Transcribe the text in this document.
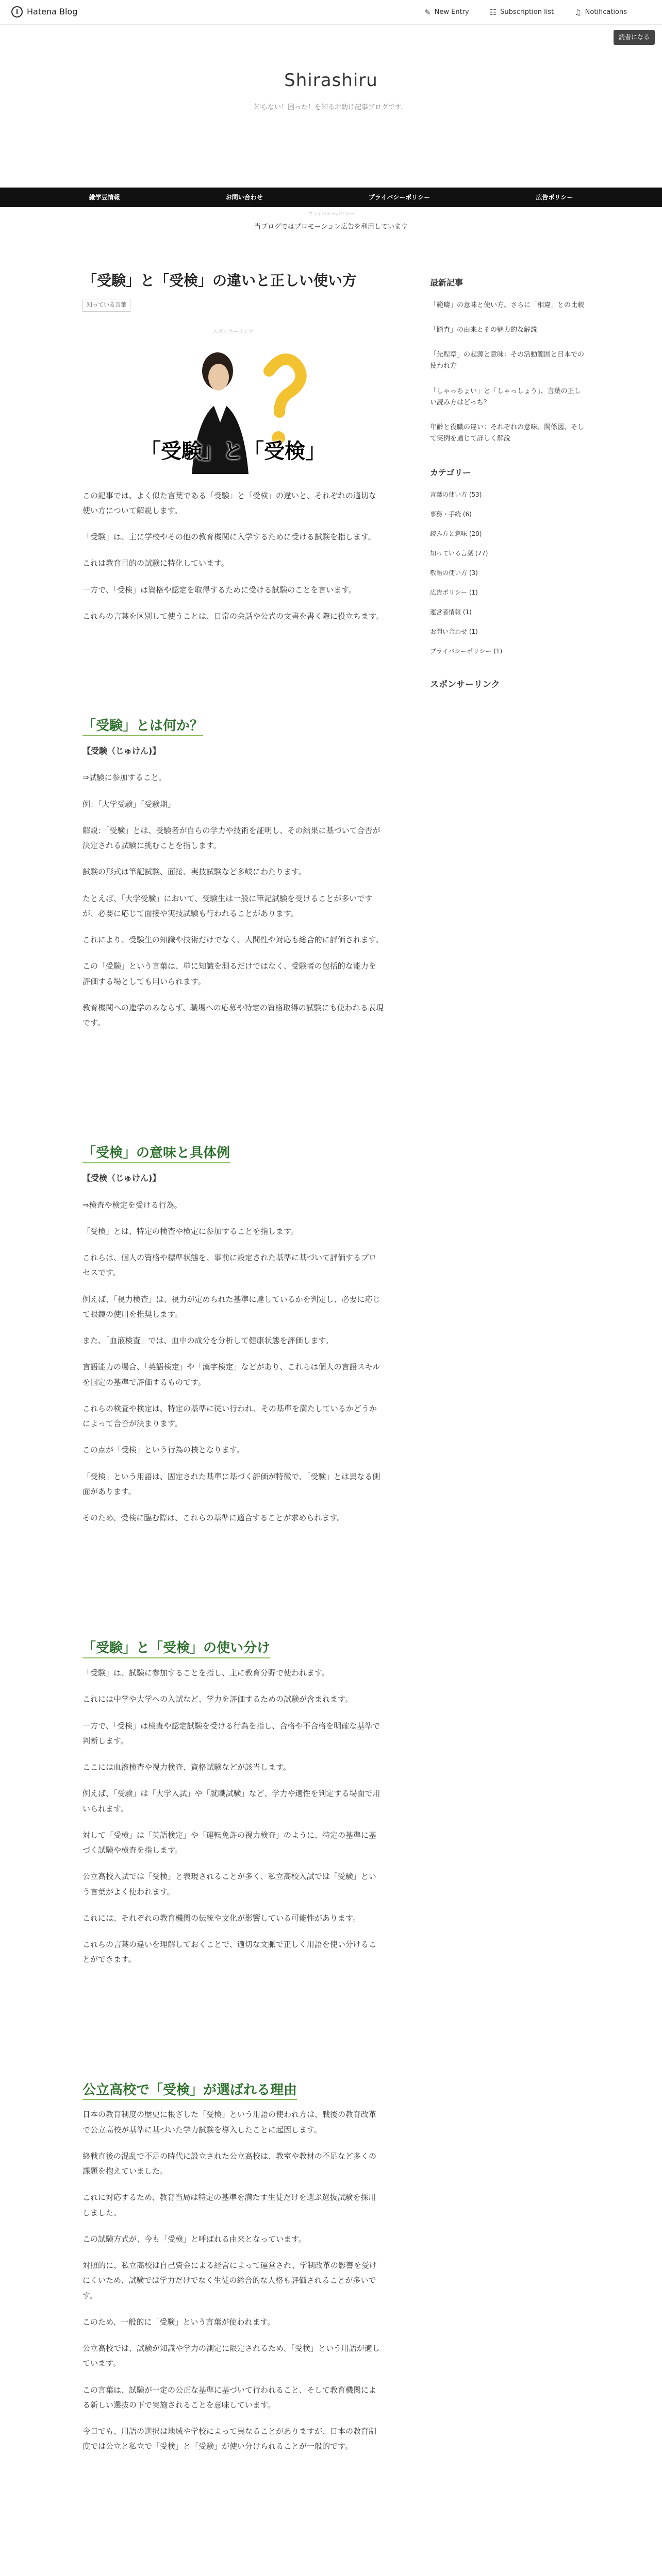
i	Hatena Blog	✎ New Entry	☷ Subscription list	♫ Notifications
読者になる
Shirashiru
知らない！困った！を知るお助け記事ブログです。
雑学豆情報	お問い合わせ	プライバシーポリシー	広告ポリシー
プライバシーポリシー
当ブログではプロモーション広告を利用しています
「受験」と「受検」の違いと正しい使い方
知っている言葉
スポンサーリンク
「受験」と「受検」

この記事では、よく似た言葉である「受験」と「受検」の違いと、それぞれの適切な使い方について解説します。

「受験」は、主に学校やその他の教育機関に入学するために受ける試験を指します。

これは教育目的の試験に特化しています。

一方で、「受検」は資格や認定を取得するために受ける試験のことを言います。

これらの言葉を区別して使うことは、日常の会話や公式の文書を書く際に役立ちます。

「受験」とは何か？

【受験（じゅけん)】

⇒試験に参加すること。

例：「大学受験」「受験期」

解説：「受験」とは、受験者が自らの学力や技術を証明し、その結果に基づいて合否が決定される試験に挑むことを指します。

試験の形式は筆記試験、面接、実技試験など多岐にわたります。

たとえば、「大学受験」において、受験生は一般に筆記試験を受けることが多いですが、必要に応じて面接や実技試験も行われることがあります。

これにより、受験生の知識や技術だけでなく、人間性や対応も総合的に評価されます。

この「受験」という言葉は、単に知識を測るだけではなく、受験者の包括的な能力を評価する場としても用いられます。

教育機関への進学のみならず、職場への応募や特定の資格取得の試験にも使われる表現です。

「受検」の意味と具体例

【受検（じゅけん)】

⇒検査や検定を受ける行為。

「受検」とは、特定の検査や検定に参加することを指します。

これらは、個人の資格や標準状態を、事前に設定された基準に基づいて評価するプロセスです。

例えば、「視力検査」は、視力が定められた基準に達しているかを判定し、必要に応じて眼鏡の使用を推奨します。

また、「血液検査」では、血中の成分を分析して健康状態を評価します。

言語能力の場合、「英語検定」や「漢字検定」などがあり、これらは個人の言語スキルを国定の基準で評価するものです。

これらの検査や検定は、特定の基準に従い行われ、その基準を満たしているかどうかによって合否が決まります。

この点が「受検」という行為の核となります。

「受検」という用語は、固定された基準に基づく評価が特徴で、「受験」とは異なる側面があります。

そのため、受検に臨む際は、これらの基準に適合することが求められます。

「受験」と「受検」の使い分け

「受験」は、試験に参加することを指し、主に教育分野で使われます。

これには中学や大学への入試など、学力を評価するための試験が含まれます。

一方で、「受検」は検査や認定試験を受ける行為を指し、合格や不合格を明確な基準で判断します。

ここには血液検査や視力検査、資格試験などが該当します。

例えば、「受験」は「大学入試」や「就職試験」など、学力や適性を判定する場面で用いられます。

対して「受検」は「英語検定」や「運転免許の視力検査」のように、特定の基準に基づく試験や検査を指します。

公立高校入試では「受検」と表現されることが多く、私立高校入試では「受験」という言葉がよく使われます。

これには、それぞれの教育機関の伝統や文化が影響している可能性があります。

これらの言葉の違いを理解しておくことで、適切な文脈で正しく用語を使い分けることができます。

公立高校で「受検」が選ばれる理由

日本の教育制度の歴史に根ざした「受検」という用語の使われ方は、戦後の教育改革で公立高校が基準に基づいた学力試験を導入したことに起因します。

終戦直後の混乱で不足の時代に設立された公立高校は、教室や教材の不足など多くの課題を抱えていました。

これに対応するため、教育当局は特定の基準を満たす生徒だけを選ぶ選抜試験を採用しました。

この試験方式が、今も「受検」と呼ばれる由来となっています。

対照的に、私立高校は自己資金による経営によって運営され、学制改革の影響を受けにくいため、試験では学力だけでなく生徒の総合的な人格も評価されることが多いです。

このため、一般的に「受験」という言葉が使われます。

公立高校では、試験が知識や学力の測定に限定されるため、「受検」という用語が適しています。

この言葉は、試験が一定の公正な基準に基づいて行われること、そして教育機関による新しい選抜の下で実施されることを意味しています。

今日でも、用語の選択は地域や学校によって異なることがありますが、日本の教育制度では公立と私立で「受検」と「受験」が使い分けられることが一般的です。

最新記事
「範疇」の意味と使い方、さらに「相違」との比較
「踏査」の由来とその魅力的な解説
「先程章」の起源と意味：その活動範囲と日本での使われ方
「しゃっちょい」と「しゃっしょう」、言葉の正しい読み方はどっち？
年齢と役職の違い：それぞれの意味、関係図、そして実例を通じて詳しく解説
カテゴリー
言葉の使い方 (53)
事務・手続 (6)
読み方と意味 (20)
知っている言葉 (77)
敬語の使い方 (3)
広告ポリシー (1)
運営者情報 (1)
お問い合わせ (1)
プライバシーポリシー (1)
スポンサーリンク
